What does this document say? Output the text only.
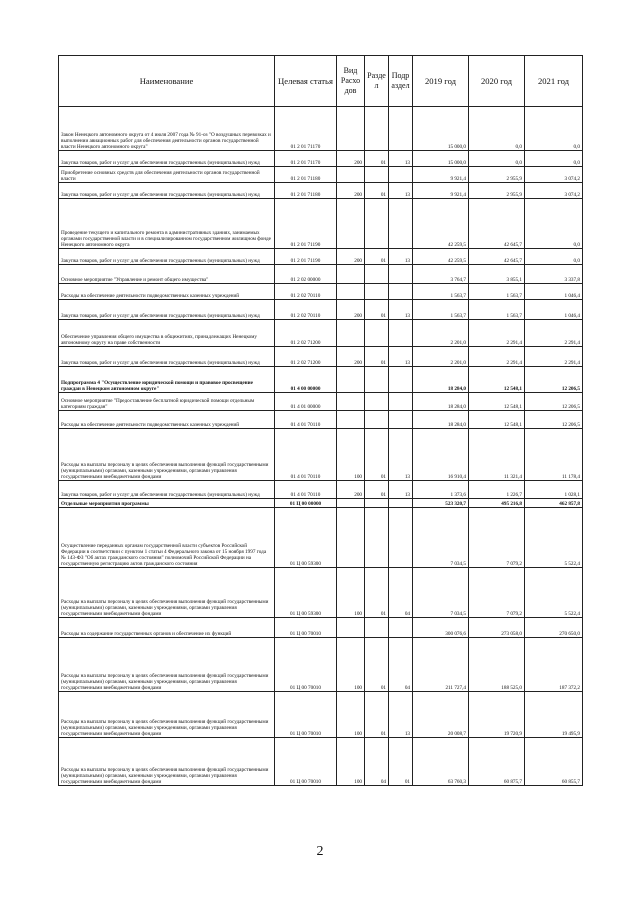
Наименование	Целевая статья	Вид Расхо дов	Разде л	Подр аздел	2019 год	2020 год	2021 год
Закон Ненецкого автономного округа от 4 июля 2007 года № 91-оз "О воздушных перевозках и выполнении авиационных работ для обеспечения деятельности органов государственной власти Ненецкого автономного округа"	01 2 01 71170				15 000,0	0,0	0,0
Закупка товаров, работ и услуг для обеспечения государственных (муниципальных) нужд	01 2 01 71170	200	01	13	15 000,0	0,0	0,0
Приобретение основных средств для обеспечения деятельности органов государственной власти	01 2 01 71180				9 921,4	2 955,9	3 074,2
Закупка товаров, работ и услуг для обеспечения государственных (муниципальных) нужд	01 2 01 71180	200	01	13	9 921,4	2 955,9	3 074,2
Проведение текущего и капитального ремонта в административных зданиях, занимаемых органами государственной власти и в специализированном государственном жилищном фонде Ненецкого автономного округа	01 2 01 71190				42 259,5	42 645,7	0,0
Закупка товаров, работ и услуг для обеспечения государственных (муниципальных) нужд	01 2 01 71190	200	01	13	42 259,5	42 645,7	0,0
Основное мероприятие "Управление и ремонт общего имущества"	01 2 02 00000				3 764,7	3 855,1	3 337,8
Расходы на обеспечение деятельности подведомственных казенных учреждений	01 2 02 70110				1 563,7	1 563,7	1 046,4
Закупка товаров, работ и услуг для обеспечения государственных (муниципальных) нужд	01 2 02 70110	200	01	13	1 563,7	1 563,7	1 046,4
Обеспечение управления общего имущества в общежитиях, принадлежащих Ненецкому автономному округу на праве собственности	01 2 02 71200				2 201,0	2 291,4	2 291,4
Закупка товаров, работ и услуг для обеспечения государственных (муниципальных) нужд	01 2 02 71200	200	01	13	2 201,0	2 291,4	2 291,4
Подпрограмма 4 "Осуществление юридической помощи и правовое просвещение граждан в Ненецком автономном округе"	01 4 00 00000				18 284,0	12 548,1	12 206,5
Основное мероприятие "Предоставление бесплатной юридической помощи отдельным категориям граждан"	01 4 01 00000				18 284,0	12 548,1	12 206,5
Расходы на обеспечение деятельности подведомственных казенных учреждений	01 4 01 70110				18 284,0	12 548,1	12 206,5
Расходы на выплаты персоналу в целях обеспечения выполнения функций государственными (муниципальными) органами, казенными учреждениями, органами управления государственными внебюджетными фондами	01 4 01 70110	100	01	13	16 910,4	11 321,4	11 178,4
Закупка товаров, работ и услуг для обеспечения государственных (муниципальных) нужд	01 4 01 70110	200	01	13	1 373,6	1 226,7	1 028,1
Отдельные мероприятия программы	01 Ц 00 00000				523 320,7	495 216,8	462 857,8
Осуществление переданных органам государственной власти субъектов Российской Федерации в соответствии с пунктом 1 статьи 4 Федерального закона от 15 ноября 1997 года № 143-ФЗ "Об актах гражданского состояния" полномочий Российской Федерации на государственную регистрацию актов гражданского состояния	01 Ц 00 59300				7 034,5	7 079,2	5 522,4
Расходы на выплаты персоналу в целях обеспечения выполнения функций государственными (муниципальными) органами, казенными учреждениями, органами управления государственными внебюджетными фондами	01 Ц 00 59300	100	01	04	7 034,5	7 079,2	5 522,4
Расходы на содержание государственных органов и обеспечение их функций	01 Ц 00 70010				300 076,6	273 058,0	270 650,0
Расходы на выплаты персоналу в целях обеспечения выполнения функций государственными (муниципальными) органами, казенными учреждениями, органами управления государственными внебюджетными фондами	01 Ц 00 70010	100	01	04	211 727,4	188 525,0	187 372,2
Расходы на выплаты персоналу в целях обеспечения выполнения функций государственными (муниципальными) органами, казенными учреждениями, органами управления государственными внебюджетными фондами	01 Ц 00 70010	100	01	13	20 008,7	19 720,9	19 495,9
Расходы на выплаты персоналу в целях обеспечения выполнения функций государственными (муниципальными) органами, казенными учреждениями, органами управления государственными внебюджетными фондами	01 Ц 00 70010	100	04	01	63 760,3	60 875,7	60 855,7
2
